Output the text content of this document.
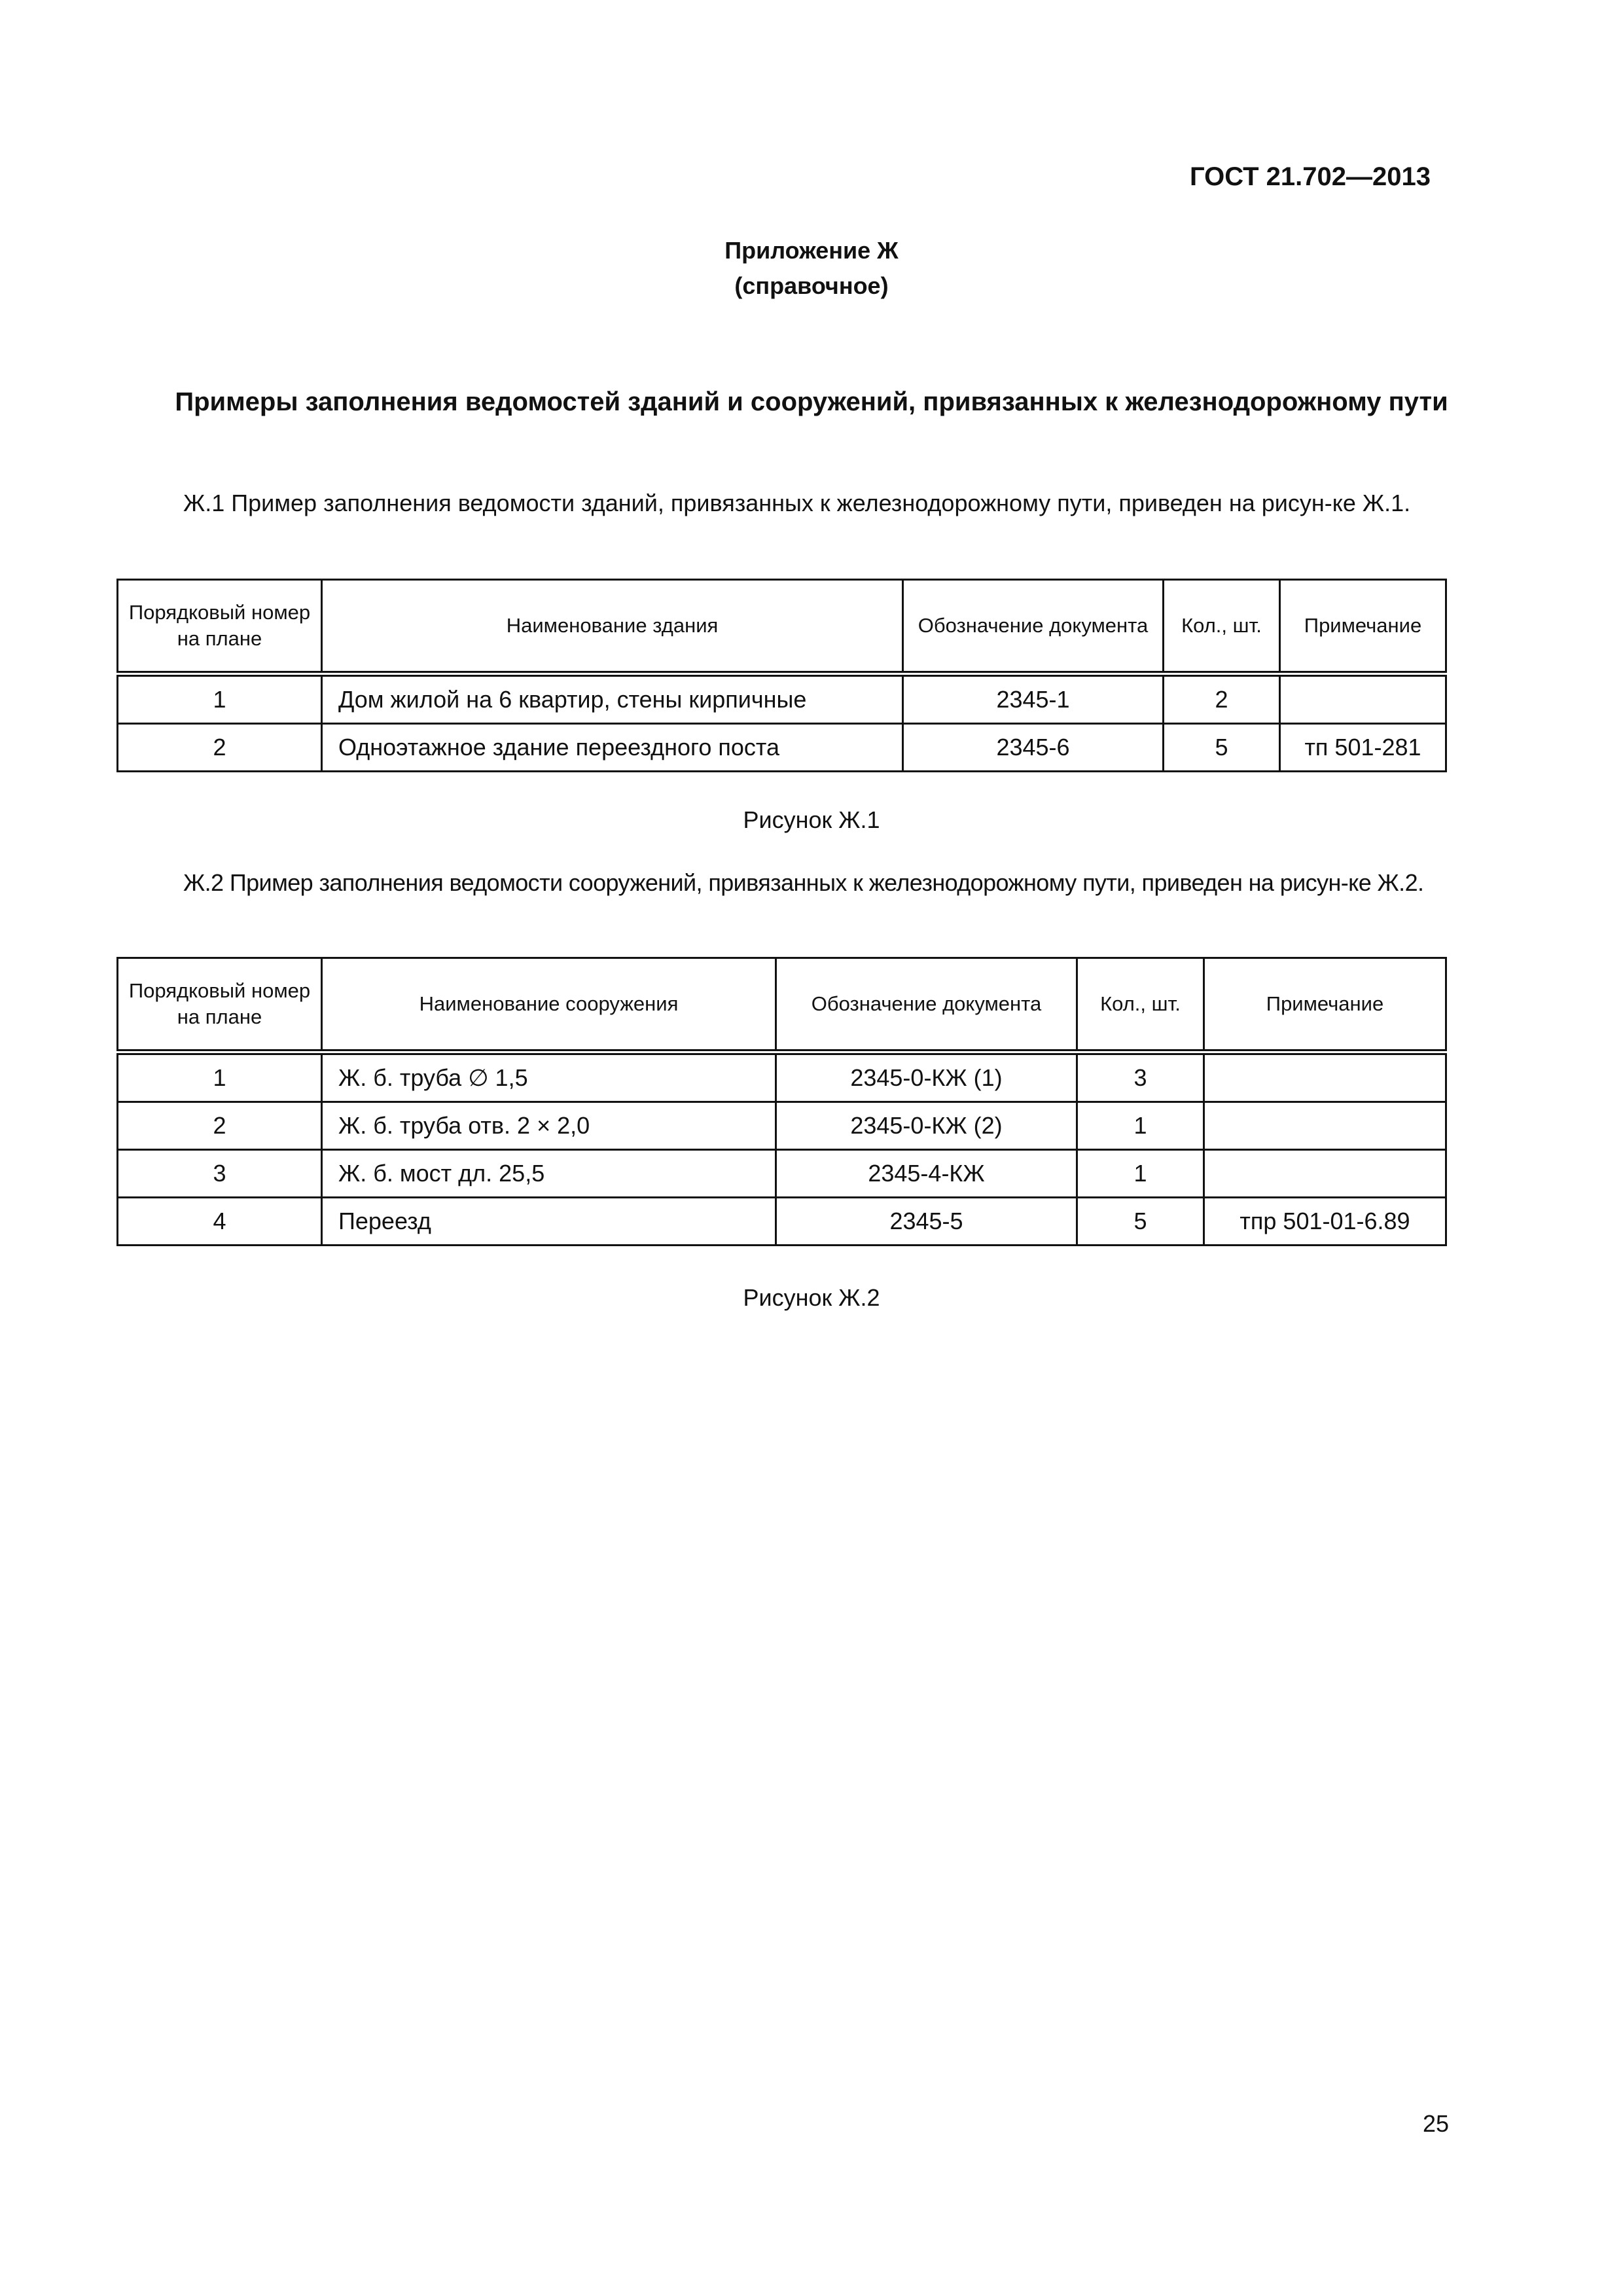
ГОСТ 21.702—2013
Приложение Ж
(справочное)
Примеры заполнения ведомостей зданий и сооружений, привязанных к железнодорожному пути

Ж.1 Пример заполнения ведомости зданий, привязанных к железнодорожному пути, приведен на рисун-ке Ж.1.

Порядковый номер на плане	Наименование здания	Обозначение документа	Кол., шт.	Примечание
1	Дом жилой на 6 квартир, стены кирпичные	2345-1	2	
2	Одноэтажное здание переездного поста	2345-6	5	тп 501-281
Рисунок Ж.1

Ж.2 Пример заполнения ведомости сооружений, привязанных к железнодорожному пути, приведен на рисун-ке Ж.2.

Порядковый номер на плане	Наименование сооружения	Обозначение документа	Кол., шт.	Примечание
1	Ж. б. труба ∅ 1,5	2345-0-КЖ (1)	3	
2	Ж. б. труба отв. 2 × 2,0	2345-0-КЖ (2)	1	
3	Ж. б. мост дл. 25,5	2345-4-КЖ	1	
4	Переезд	2345-5	5	тпр 501-01-6.89
Рисунок Ж.2
25
